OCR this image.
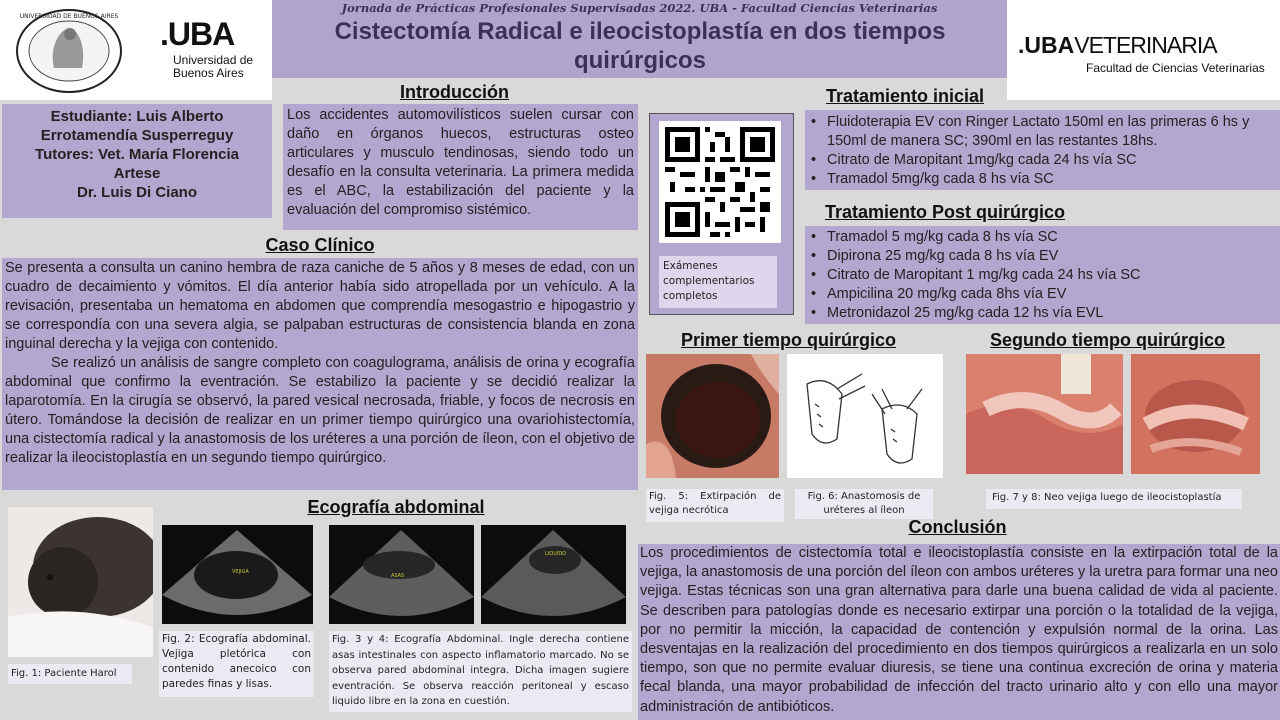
Jornada de Prácticas Profesionales Supervisadas 2022. UBA - Facultad Ciencias Veterinarias
Cistectomía Radical e ileocistoplastía en dos tiempos quirúrgicos
UNIVERSIDAD DE BUENOS AIRES .UBA
Universidad de
Buenos Aires
.UBAVETERINARIA
Facultad de Ciencias Veterinarias
Estudiante: Luis Alberto
Errotamendía Susperreguy
Tutores: Vet. María Florencia
Artese
Dr. Luis Di Ciano
Introducción
Los accidentes automovilísticos suelen cursar con daño en órganos huecos, estructuras osteo articulares y musculo tendinosas, siendo todo un desafío en la consulta veterinaria. La primera medida es el ABC, la estabilización del paciente y la evaluación del compromiso sistémico.
Exámenes complementarios completos
Tratamiento inicial
• Fluidoterapia EV con Ringer Lactato 150ml en las primeras 6 hs y 150ml de manera SC; 390ml en las restantes 18hs.
• Citrato de Maropitant 1mg/kg cada 24 hs vía SC
• Tramadol 5mg/kg cada 8 hs vía SC
Tratamiento Post quirúrgico
• Tramadol 5 mg/kg cada 8 hs vía SC
• Dipirona 25 mg/kg cada 8 hs vía EV
• Citrato de Maropitant 1 mg/kg cada 24 hs vía SC
• Ampicilina 20 mg/kg cada 8hs vía EV
• Metronidazol 25 mg/kg cada 12 hs vía EVL
Caso Clínico

Se presenta a consulta un canino hembra de raza caniche de 5 años y 8 meses de edad, con un cuadro de decaimiento y vómitos. El día anterior había sido atropellada por un vehículo. A la revisación, presentaba un hematoma en abdomen que comprendía mesogastrio e hipogastrio y se correspondía con una severa algia, se palpaban estructuras de consistencia blanda en zona inguinal derecha y la vejiga con contenido.

Se realizó un análisis de sangre completo con coagulograma, análisis de orina y ecografía abdominal que confirmo la eventración. Se estabilizo la paciente y se decidió realizar la laparotomía. En la cirugía se observó, la pared vesical necrosada, friable, y focos de necrosis en útero. Tomándose la decisión de realizar en un primer tiempo quirúrgico una ovariohistectomía, una cistectomía radical y la anastomosis de los uréteres a una porción de íleon, con el objetivo de realizar la ileocistoplastía en un segundo tiempo quirúrgico.

Primer tiempo quirúrgico
Fig. 5: Extirpación de vejiga necrótica
Fig. 6: Anastomosis de uréteres al íleon
Segundo tiempo quirúrgico
Fig. 7 y 8: Neo vejiga luego de ileocistoplastía
Ecografía abdominal
Fig. 1: Paciente Harol
VEJIGA
Fig. 2: Ecografía abdominal. Vejiga pletórica con contenido anecoico con paredes finas y lisas.
ASAS
LIQUIDO
Fig. 3 y 4: Ecografía Abdominal. Ingle derecha contiene asas intestinales con aspecto inflamatorio marcado. No se observa pared abdominal integra. Dicha imagen sugiere eventración. Se observa reacción peritoneal y escaso liquido libre en la zona en cuestión.
Conclusión
Los procedimientos de cistectomía total e ileocistoplastía consiste en la extirpación total de la vejiga, la anastomosis de una porción del íleon con ambos uréteres y la uretra para formar una neo vejiga. Estas técnicas son una gran alternativa para darle una buena calidad de vida al paciente. Se describen para patologías donde es necesario extirpar una porción o la totalidad de la vejiga, por no permitir la micción, la capacidad de contención y expulsión normal de la orina. Las desventajas en la realización del procedimiento en dos tiempos quirúrgicos a realizarla en un solo tiempo, son que no permite evaluar diuresis, se tiene una continua excreción de orina y materia fecal blanda, una mayor probabilidad de infección del tracto urinario alto y con ello una mayor administración de antibióticos.
